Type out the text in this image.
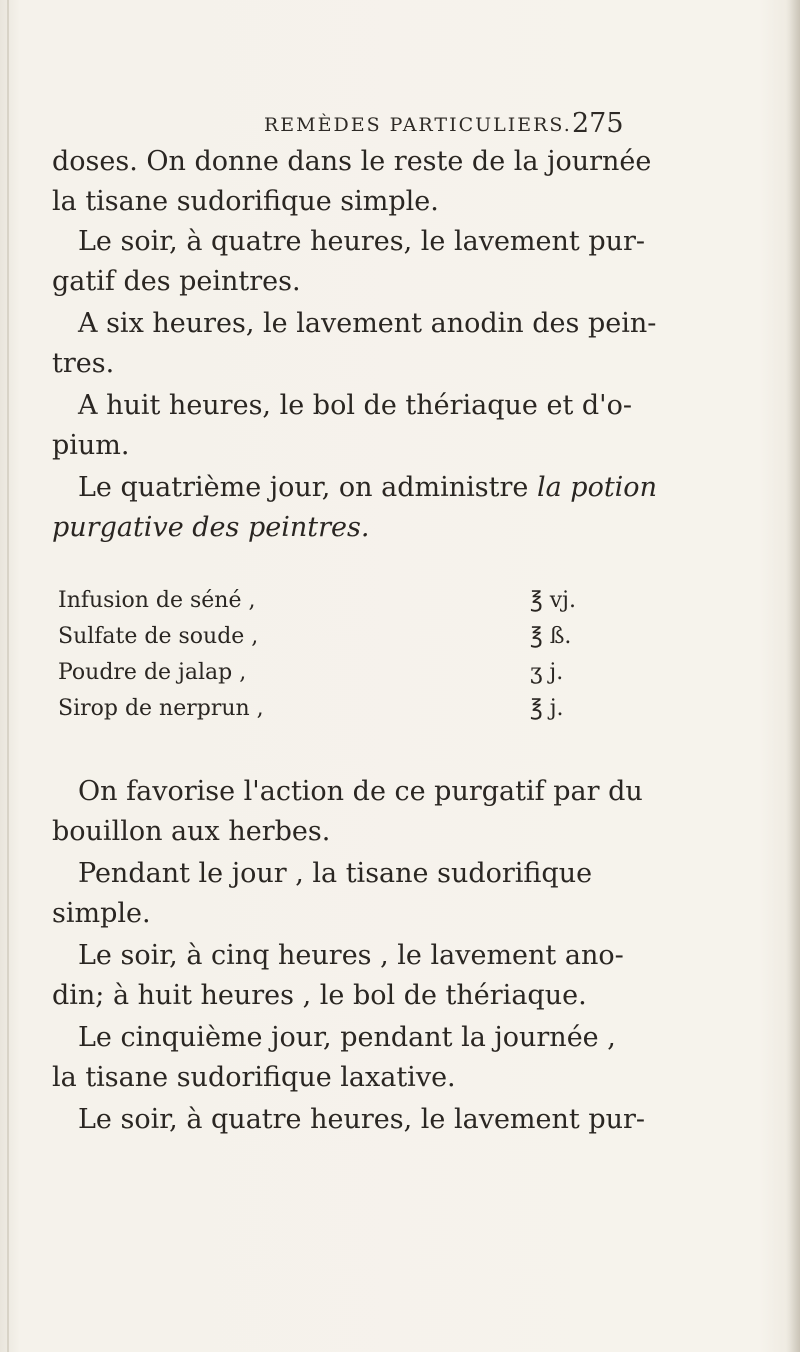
REMÈDES PARTICULIERS. 275
doses. On donne dans le reste de la journée
la tisane sudorifique simple.
Le soir, à quatre heures, le lavement pur-
gatif des peintres.
A six heures, le lavement anodin des pein-
tres.
A huit heures, le bol de thériaque et d'o-
pium.
Le quatrième jour, on administre la potion
purgative des peintres.
Infusion de séné ,	℥ vj.
Sulfate de soude ,	℥ ß.
Poudre de jalap ,	ʒ j.
Sirop de nerprun ,	℥ j.
On favorise l'action de ce purgatif par du
bouillon aux herbes.
Pendant le jour , la tisane sudorifique
simple.
Le soir, à cinq heures , le lavement ano-
din; à huit heures , le bol de thériaque.
Le cinquième jour, pendant la journée ,
la tisane sudorifique laxative.
Le soir, à quatre heures, le lavement pur-
